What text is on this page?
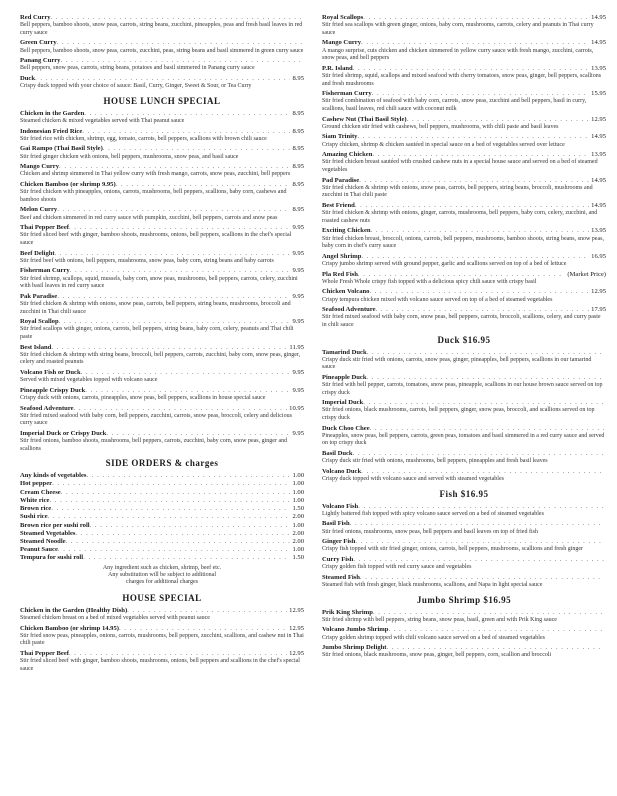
Red Curry
. . .
Bell peppers, bamboo shoots, snow peas, carrots, string beans, zucchini, pineapples, peas and fresh basil leaves in red curry sauce
Green Curry
. . .
Bell peppers, bamboo shoots, snow peas, carrots, zucchini, peas, string beans and basil simmered in green curry sauce
Panang Curry
. . .
Bell peppers, snow peas, carrots, string beans, potatoes and basil simmered in Panang curry sauce
Duck . . .	8.95
Crispy duck topped with your choice of sauce: Basil, Curry, Ginger, Sweet & Sour, or Tea Curry
HOUSE LUNCH SPECIAL
Chicken in the Garden . . .	8.95
Steamed chicken & mixed vegetables served with Thai peanut sauce
Indonesian Fried Rice . . .	8.95
Stir fried rice with chicken, shrimp, egg, tomato, carrots, bell peppers, scallions with brown chili sauce
Gai Rampo (Thai Basil Style) . . .	8.95
Stir fried ginger chicken with onions, bell peppers, mushrooms, snow peas, and basil sauce
Mango Curry . . .	8.95
Chicken and shrimp simmered in Thai yellow curry with fresh mango, carrots, snow peas, zucchini, bell peppers
Chicken Bamboo (or shrimp 9.95) . . .	8.95
Stir fried chicken with pineapples, onions, carrots, mushrooms, bell peppers, scallions, baby corn, cashews and bamboo shoots
Melon Curry . . .	8.95
Beef and chicken simmered in red curry sauce with pumpkin, zucchini, bell peppers, carrots and snow peas
Thai Pepper Beef . . .	9.95
Stir fried sliced beef with ginger, bamboo shoots, mushrooms, onions, bell peppers, scallions in the chef's special sauce
Beef Delight . . .	9.95
Stir fried beef with onions, bell peppers, mushrooms, snow peas, baby corn, string beans and baby carrots
Fisherman Curry . . .	9.95
Stir fried shrimp, scallops, squid, mussels, baby corn, snow peas, mushrooms, bell peppers, carrots, celery, zucchini with basil leaves in red curry sauce
Pak Paradise . . .	9.95
Stir fried chicken & shrimp with onions, snow peas, carrots, bell peppers, string beans, mushrooms, broccoli and zucchini in Thai chili sauce
Royal Scallop . . .	9.95
Stir fried scallops with ginger, onions, carrots, bell peppers, string beans, baby corn, celery, peanuts and Thai chili paste
Best Island . . .	11.95
Stir fried chicken & shrimp with string beans, broccoli, bell peppers, carrots, zucchini, baby corn, snow peas, ginger, celery and roasted peanuts
Volcano Fish or Duck . . .	9.95
Served with mixed vegetables topped with volcano sauce
Pineapple Crispy Duck . . .	9.95
Crispy duck with onions, carrots, pineapples, snow peas, bell peppers, scallions in house special sauce
Seafood Adventure . . .	10.95
Stir fried mixed seafood with baby corn, bell peppers, zucchini, carrots, snow peas, broccoli, celery and delicious curry sauce
Imperial Duck or Crispy Duck . . .	9.95
Stir fried onions, bamboo shoots, mushrooms, bell peppers, carrots, zucchini, baby corn, snow peas, ginger and scallions
SIDE ORDERS & charges
Any kinds of vegetables . . .	1.00
Hot pepper . . .	1.00
Cream Cheese . . .	1.00
White rice . . .	1.00
Brown rice . . .	1.50
Sushi rice . . .	2.00
Brown rice per sushi roll . . .	1.00
Steamed Vegetables . . .	2.00
Steamed Noodle . . .	2.00
Peanut Sauce . . .	1.00
Tempura for sushi roll . . .	1.50

Any ingredient such as chicken, shrimp, beef etc.

Any substitution will be subject to additional

charges for additional charges

HOUSE SPECIAL
Chicken in the Garden (Healthy Dish) . . .	12.95
Steamed chicken breast on a bed of mixed vegetables served with peanut sauce
Chicken Bamboo (or shrimp 14.95) . . .	12.95
Stir fried snow peas, pineapples, onions, carrots, mushrooms, bell peppers, zucchini, scallions, and cashew nut in Thai chili paste
Thai Pepper Beef . . .	12.95
Stir fried sliced beef with ginger, bamboo shoots, mushrooms, onions, bell peppers and scallions in the chef's special sauce
Royal Scallops . . .	14.95
Stir fried sea scallops with green ginger, onions, baby corn, mushrooms, carrots, celery and peanuts in Thai curry sauce
Mango Curry . . .	14.95
A mango surprise, cuts chicken and chicken simmered in yellow curry sauce with fresh mango, zucchini, carrots, snow peas, and bell peppers
P.R. Island . . .	13.95
Stir fried shrimp, squid, scallops and mixed seafood with cherry tomatoes, snow peas, ginger, bell peppers, scallions and fresh mushrooms
Fisherman Curry . . .	15.95
Stir fried combination of seafood with baby corn, carrots, snow peas, zucchini and bell peppers, basil in curry, scallions, basil leaves, red chili sauce with coconut milk
Cashew Nut (Thai Basil Style) . . .	12.95
Ground chicken stir fried with cashews, bell peppers, mushrooms, with chili paste and basil leaves
Siam Trinity . . .	14.95
Crispy chicken, shrimp & chicken sautéed in special sauce on a bed of vegetables served over lettuce
Amazing Chicken . . .	13.95
Stir fried chicken breast sautéed with crushed cashew nuts in a special house sauce and served on a bed of steamed vegetables
Pad Paradise . . .	14.95
Stir fried chicken & shrimp with onions, snow peas, carrots, bell peppers, string beans, broccoli, mushrooms and zucchini in Thai chili paste
Best Friend . . .	14.95
Stir fried chicken & shrimp with onions, ginger, carrots, mushrooms, bell peppers, baby corn, celery, zucchini, and roasted cashew nuts
Exciting Chicken . . .	13.95
Stir fried chicken breast, broccoli, onions, carrots, bell peppers, mushrooms, bamboo shoots, string beans, snow peas, baby corn in chef's curry sauce
Angel Shrimp . . .	16.95
Crispy jumbo shrimp served with ground pepper, garlic and scallions served on top of a bed of lettuce
Pla Red Fish . . .	(Market Price)
Whole Fresh Whole crispy fish topped with a delicious spicy chili sauce with crispy basil
Chicken Volcano . . .	12.95
Crispy tempura chicken mixed with volcano sauce served on top of a bed of steamed vegetables
Seafood Adventure . . .	17.95
Stir fried mixed seafood with baby corn, snow peas, bell peppers, carrots, broccoli, scallions, celery, and curry paste in chili sauce
Duck $16.95
Tamarind Duck
. . .
Crispy duck stir fried with onions, carrots, snow peas, ginger, pineapples, bell peppers, scallions in our tamarind sauce
Pineapple Duck
. . .
Stir fried with bell pepper, carrots, tomatoes, snow peas, pineapple, scallions in our house brown sauce served on top crispy duck
Imperial Duck
. . .
Stir fried onions, black mushrooms, carrots, bell peppers, ginger, snow peas, broccoli, and scallions served on top crispy duck
Duck Choo Chee
. . .
Pineapples, snow peas, bell peppers, carrots, green peas, tomatoes and basil simmered in a red curry sauce and served on top crispy duck
Basil Duck
. . .
Crispy duck stir fried with onions, mushrooms, bell peppers, pineapples and fresh basil leaves
Volcano Duck
. . .
Crispy duck topped with volcano sauce and served with steamed vegetables
Fish $16.95
Volcano Fish
. . .
Lightly battered fish topped with spicy volcano sauce served on a bed of steamed vegetables
Basil Fish
. . .
Stir fried onions, mushrooms, snow peas, bell peppers and basil leaves on top of fried fish
Ginger Fish
. . .
Crispy fish topped with stir fried ginger, onions, carrots, bell peppers, mushrooms, scallions and fresh ginger
Curry Fish
. . .
Crispy golden fish topped with red curry sauce and vegetables
Steamed Fish
. . .
Steamed fish with fresh ginger, black mushrooms, scallions, and Napa in light special sauce
Jumbo Shrimp $16.95
Prik King Shrimp
. . .
Stir fried shrimp with bell peppers, string beans, snow peas, basil, green and with Prik King sauce
Volcano Jumbo Shrimp
. . .
Crispy golden shrimp topped with chili volcano sauce served on a bed of steamed vegetables
Jumbo Shrimp Delight
. . .
Stir fried onions, black mushrooms, snow peas, ginger, bell peppers, corn, scallion and broccoli
